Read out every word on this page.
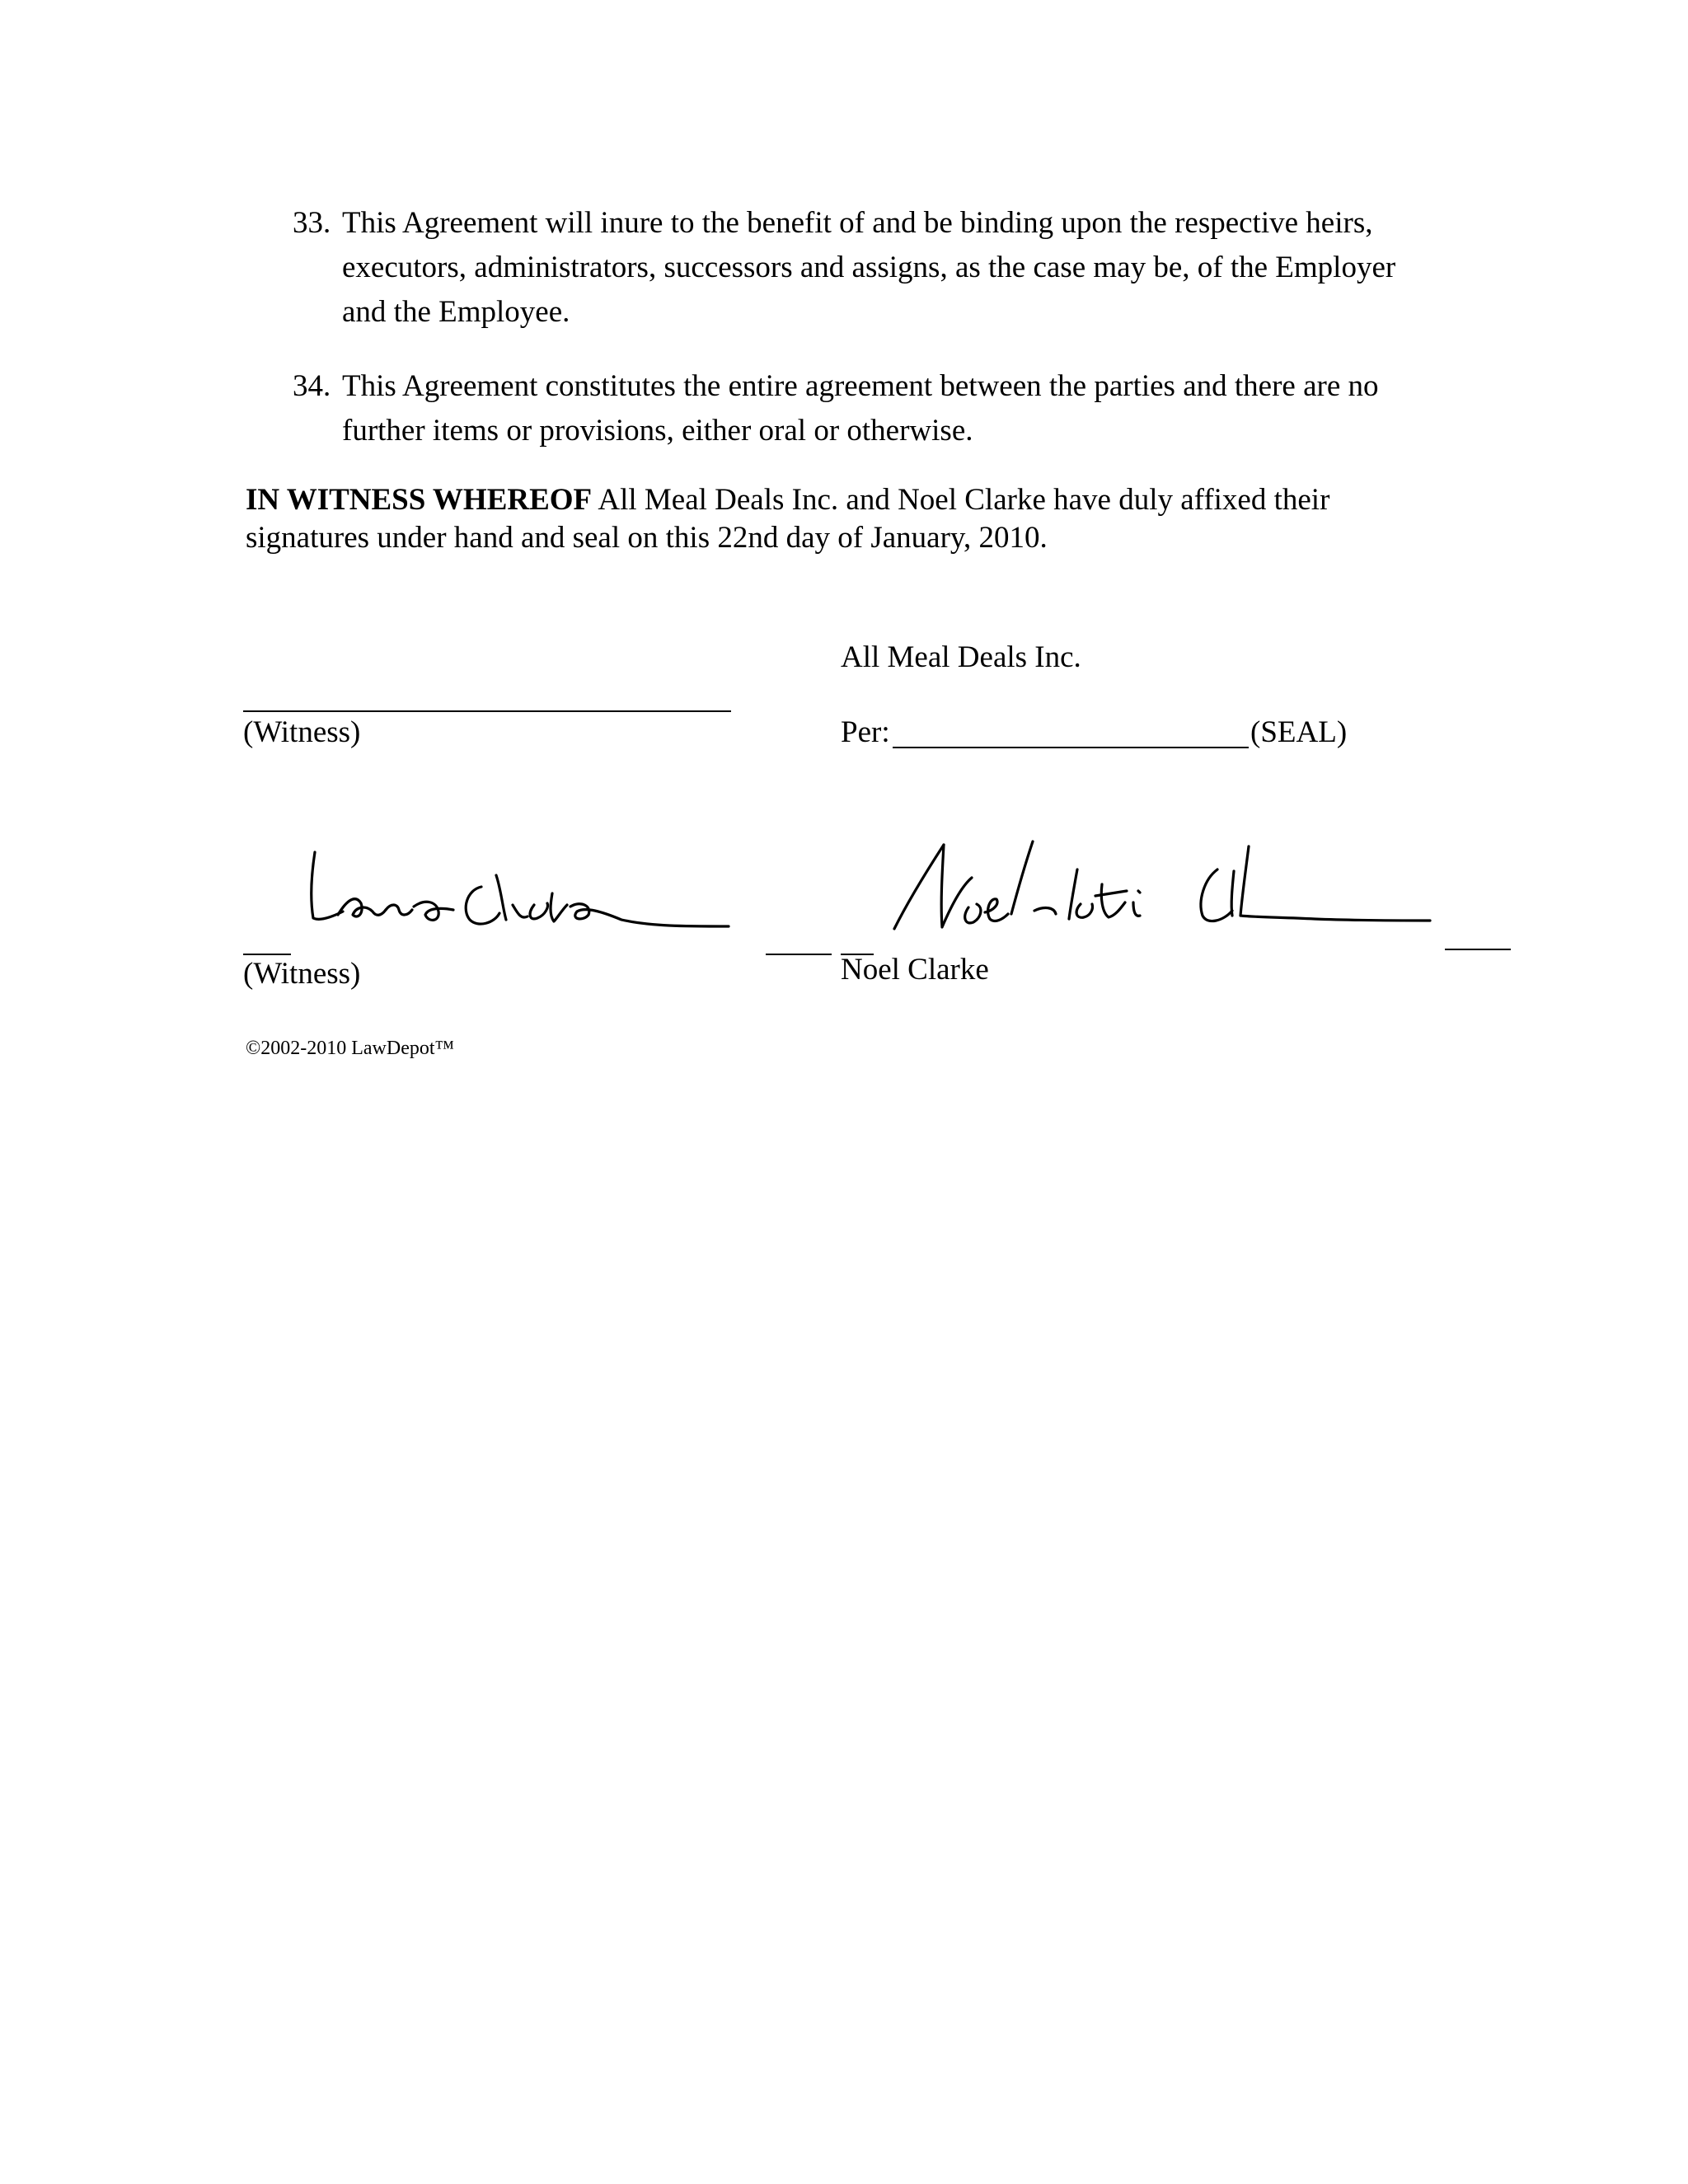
33. This Agreement will inure to the benefit of and be binding upon the respective heirs, executors, administrators, successors and assigns, as the case may be, of the Employer and the Employee.
34. This Agreement constitutes the entire agreement between the parties and there are no further items or provisions, either oral or otherwise.
IN WITNESS WHEREOF All Meal Deals Inc. and Noel Clarke have duly affixed their signatures under hand and seal on this 22nd day of January, 2010.
All Meal Deals Inc.
(Witness)	Per:	(SEAL)
(Witness)	Noel Clarke
©2002-2010 LawDepot™
